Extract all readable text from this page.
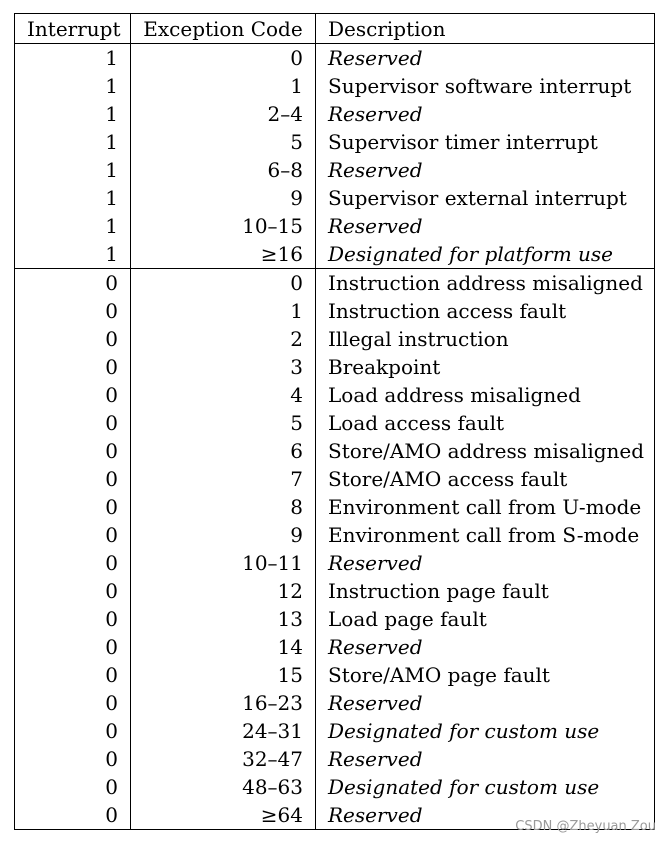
Interrupt	Exception Code	Description
1	0	Reserved
1	1	Supervisor software interrupt
1	2–4	Reserved
1	5	Supervisor timer interrupt
1	6–8	Reserved
1	9	Supervisor external interrupt
1	10–15	Reserved
1	≥16	Designated for platform use
0	0	Instruction address misaligned
0	1	Instruction access fault
0	2	Illegal instruction
0	3	Breakpoint
0	4	Load address misaligned
0	5	Load access fault
0	6	Store/AMO address misaligned
0	7	Store/AMO access fault
0	8	Environment call from U-mode
0	9	Environment call from S-mode
0	10–11	Reserved
0	12	Instruction page fault
0	13	Load page fault
0	14	Reserved
0	15	Store/AMO page fault
0	16–23	Reserved
0	24–31	Designated for custom use
0	32–47	Reserved
0	48–63	Designated for custom use
0	≥64	Reserved	CSDN @Zheyuan Zou
